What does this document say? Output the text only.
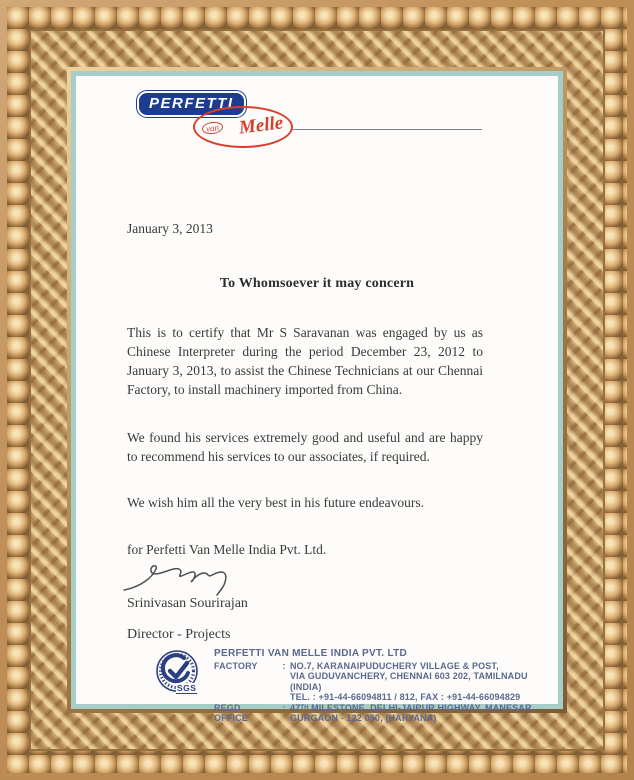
PERFETTI
van Melle
January 3, 2013
To Whomsoever it may concern
This is to certify that Mr S Saravanan was engaged by us as Chinese Interpreter during the period December 23, 2012 to January 3, 2013, to assist the Chinese Technicians at our Chennai Factory, to install machinery imported from China.
We found his services extremely good and useful and are happy to recommend his services to our associates, if required.
We wish him all the very best in his future endeavours.
for Perfetti Van Melle India Pvt. Ltd.
Srinivasan Sourirajan
Director - Projects
SGS
PERFETTI VAN MELLE INDIA PVT. LTD
FACTORY	: NO.7, KARANAIPUDUCHERY VILLAGE & POST,
VIA GUDUVANCHERY, CHENNAI 603 202, TAMILNADU (INDIA)
TEL. : +91-44-66094811 / 812, FAX : +91-44-66094829
REGD. OFFICE
: 47ᵀᴴ MILESTONE, DELHI-JAIPUR HIGHWAY, MANESAR,
GURGAON - 122 050, (HARYANA)
